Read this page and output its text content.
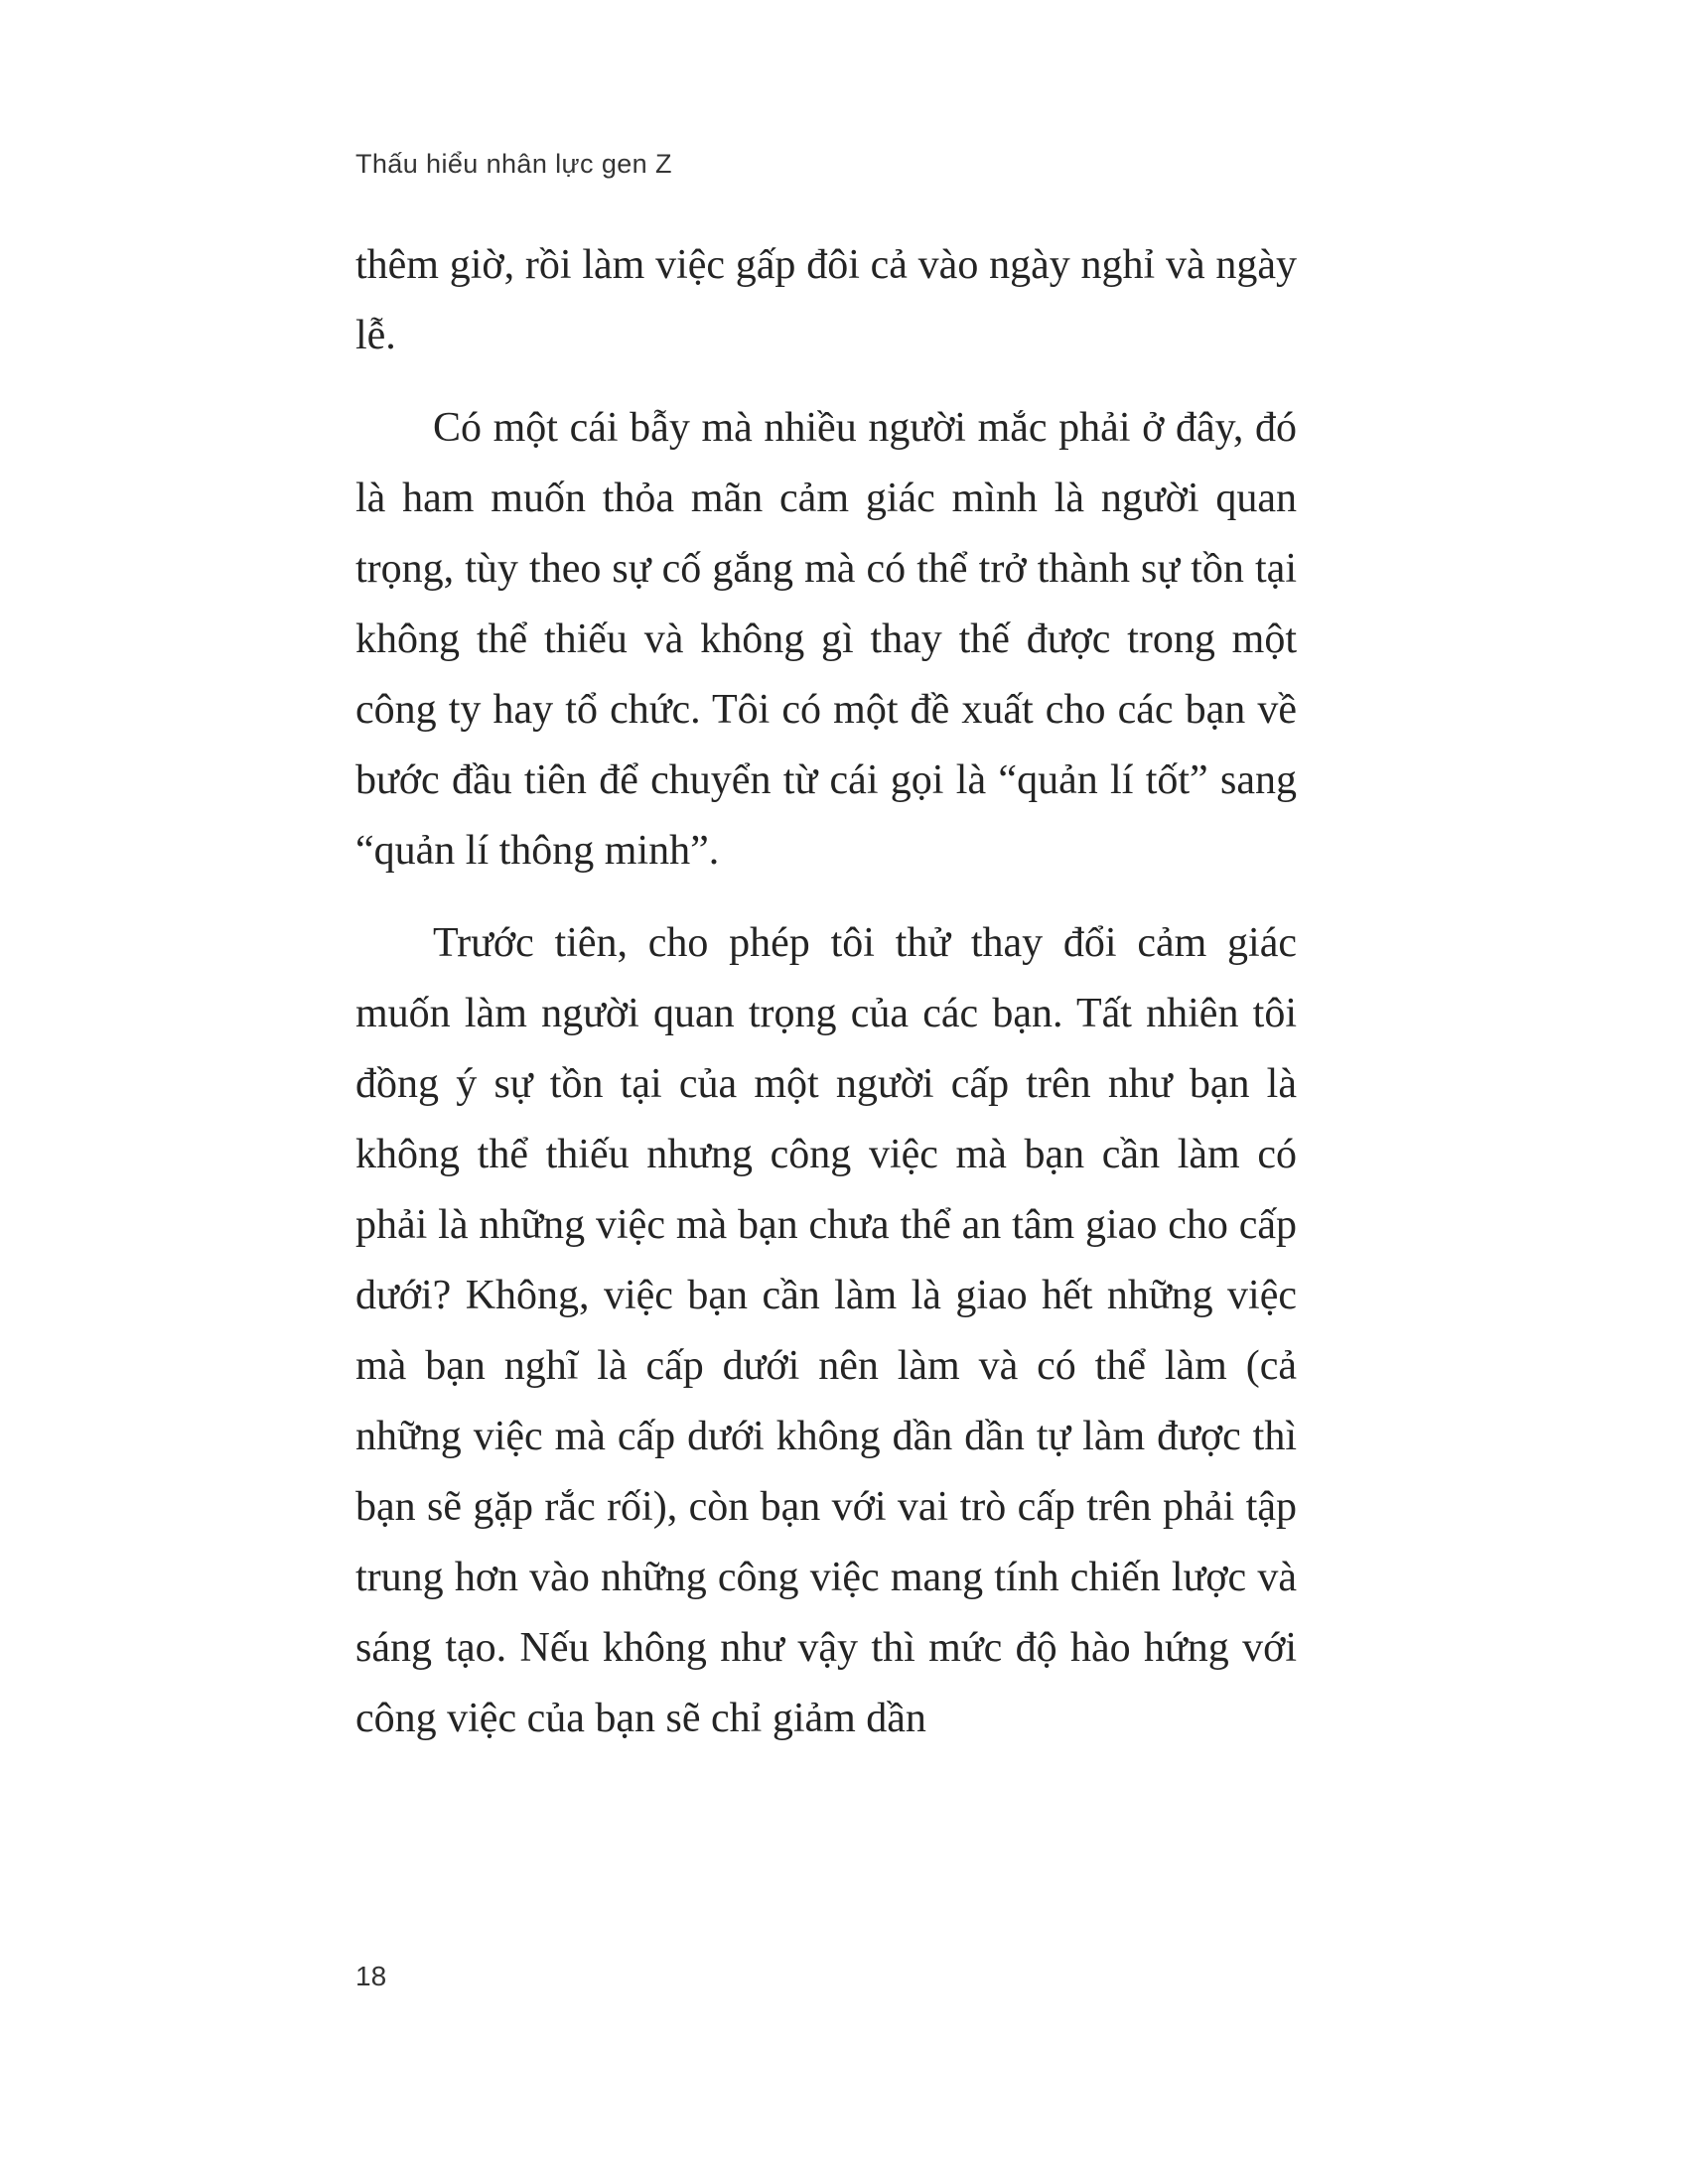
Thấu hiểu nhân lực gen Z

thêm giờ, rồi làm việc gấp đôi cả vào ngày nghỉ và ngày lễ.

Có một cái bẫy mà nhiều người mắc phải ở đây, đó là ham muốn thỏa mãn cảm giác mình là người quan trọng, tùy theo sự cố gắng mà có thể trở thành sự tồn tại không thể thiếu và không gì thay thế được trong một công ty hay tổ chức. Tôi có một đề xuất cho các bạn về bước đầu tiên để chuyển từ cái gọi là “quản lí tốt” sang “quản lí thông minh”.

Trước tiên, cho phép tôi thử thay đổi cảm giác muốn làm người quan trọng của các bạn. Tất nhiên tôi đồng ý sự tồn tại của một người cấp trên như bạn là không thể thiếu nhưng công việc mà bạn cần làm có phải là những việc mà bạn chưa thể an tâm giao cho cấp dưới? Không, việc bạn cần làm là giao hết những việc mà bạn nghĩ là cấp dưới nên làm và có thể làm (cả những việc mà cấp dưới không dần dần tự làm được thì bạn sẽ gặp rắc rối), còn bạn với vai trò cấp trên phải tập trung hơn vào những công việc mang tính chiến lược và sáng tạo. Nếu không như vậy thì mức độ hào hứng với công việc của bạn sẽ chỉ giảm dần

18
